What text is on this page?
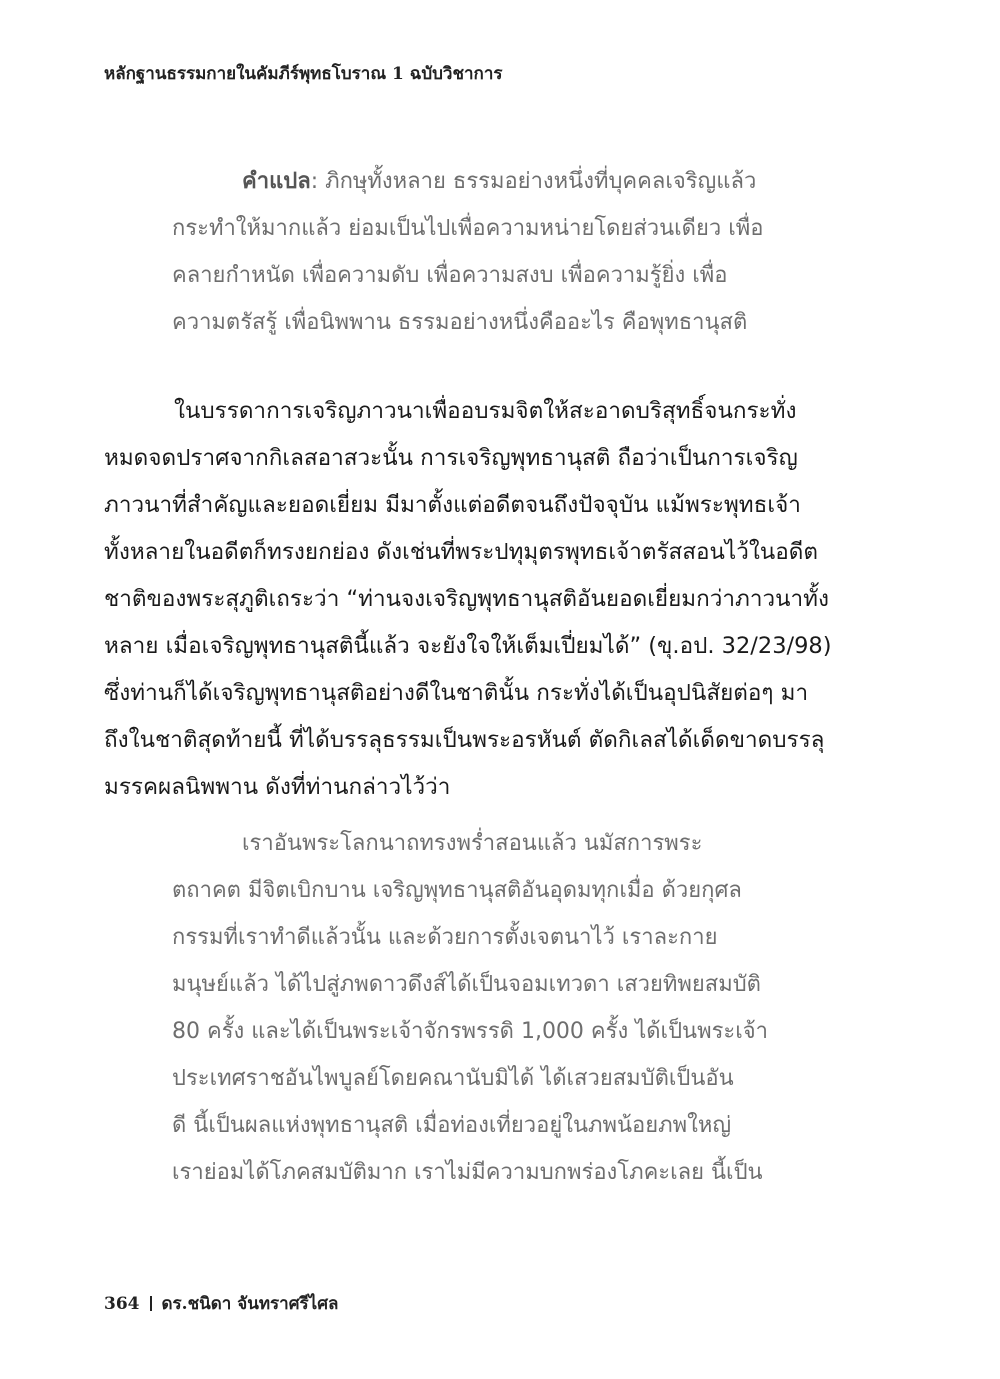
หลักฐานธรรมกายในคัมภีร์พุทธโบราณ 1 ฉบับวิชาการ
คำแปล: ภิกษุทั้งหลาย ธรรมอย่างหนึ่งที่บุคคลเจริญแล้ว
กระทำให้มากแล้ว ย่อมเป็นไปเพื่อความหน่ายโดยส่วนเดียว เพื่อ
คลายกำหนัด เพื่อความดับ เพื่อความสงบ เพื่อความรู้ยิ่ง เพื่อ
ความตรัสรู้ เพื่อนิพพาน ธรรมอย่างหนึ่งคืออะไร คือพุทธานุสติ
ในบรรดาการเจริญภาวนาเพื่ออบรมจิตให้สะอาดบริสุทธิ์จนกระทั่ง
หมดจดปราศจากกิเลสอาสวะนั้น การเจริญพุทธานุสติ ถือว่าเป็นการเจริญ
ภาวนาที่สำคัญและยอดเยี่ยม มีมาตั้งแต่อดีตจนถึงปัจจุบัน แม้พระพุทธเจ้า
ทั้งหลายในอดีตก็ทรงยกย่อง ดังเช่นที่พระปทุมุตรพุทธเจ้าตรัสสอนไว้ในอดีต
ชาติของพระสุภูติเถระว่า “ท่านจงเจริญพุทธานุสติอันยอดเยี่ยมกว่าภาวนาทั้ง
หลาย เมื่อเจริญพุทธานุสตินี้แล้ว จะยังใจให้เต็มเปี่ยมได้” (ขุ.อป. 32/23/98)
ซึ่งท่านก็ได้เจริญพุทธานุสติอย่างดีในชาตินั้น กระทั่งได้เป็นอุปนิสัยต่อๆ มา
ถึงในชาติสุดท้ายนี้ ที่ได้บรรลุธรรมเป็นพระอรหันต์ ตัดกิเลสได้เด็ดขาดบรรลุ
มรรคผลนิพพาน ดังที่ท่านกล่าวไว้ว่า
เราอันพระโลกนาถทรงพร่ำสอนแล้ว นมัสการพระ
ตถาคต มีจิตเบิกบาน เจริญพุทธานุสติอันอุดมทุกเมื่อ ด้วยกุศล
กรรมที่เราทำดีแล้วนั้น และด้วยการตั้งเจตนาไว้ เราละกาย
มนุษย์แล้ว ได้ไปสู่ภพดาวดึงส์ได้เป็นจอมเทวดา เสวยทิพยสมบัติ
80 ครั้ง และได้เป็นพระเจ้าจักรพรรดิ 1,000 ครั้ง ได้เป็นพระเจ้า
ประเทศราชอันไพบูลย์โดยคณานับมิได้ ได้เสวยสมบัติเป็นอัน
ดี นี้เป็นผลแห่งพุทธานุสติ เมื่อท่องเที่ยวอยู่ในภพน้อยภพใหญ่
เราย่อมได้โภคสมบัติมาก เราไม่มีความบกพร่องโภคะเลย นี้เป็น
364 ดร.ชนิดา จันทราศรีไศล
